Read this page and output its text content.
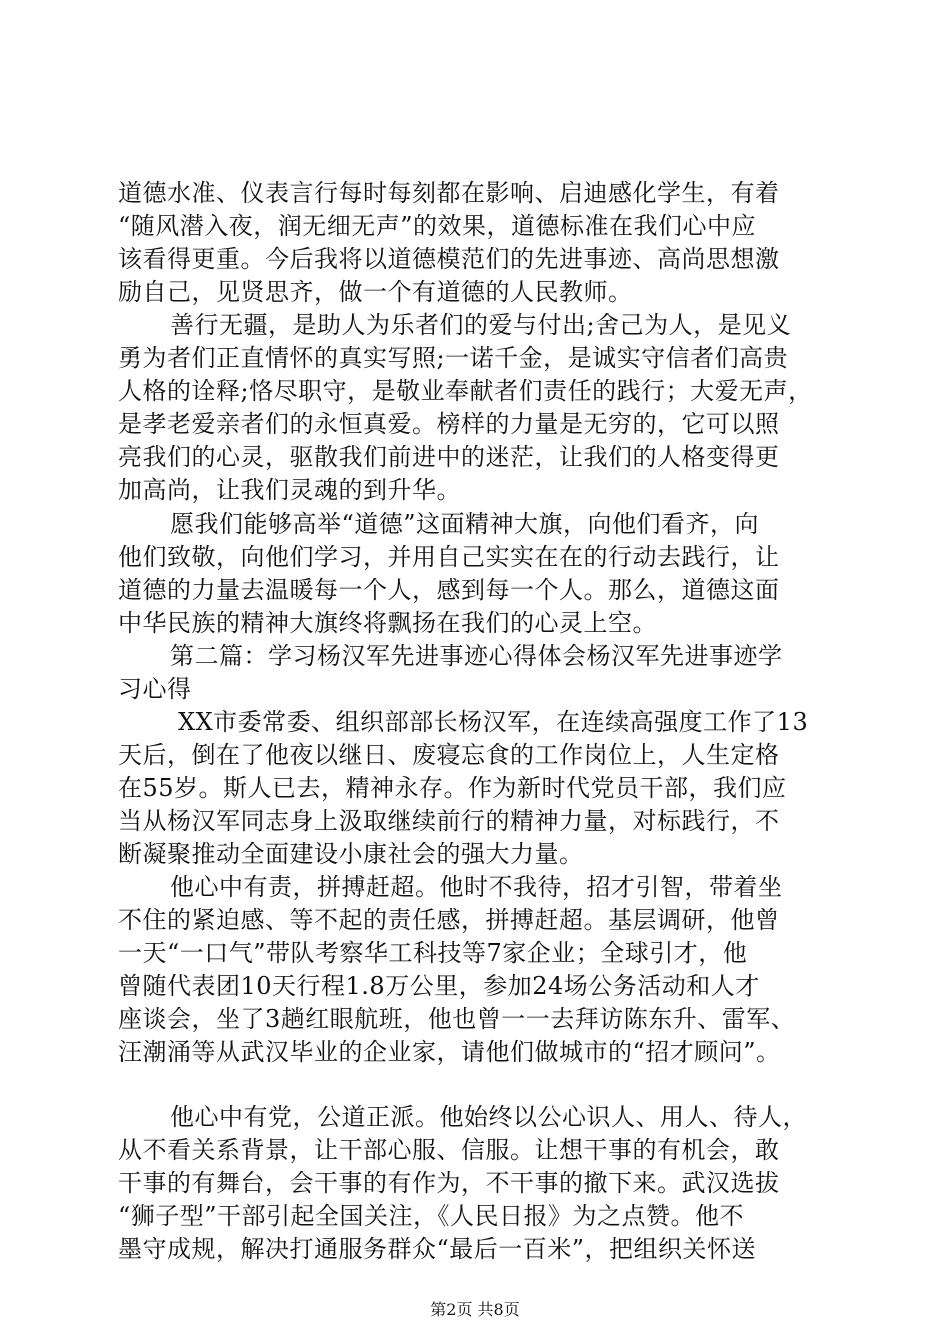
道德水准、仪表言行每时每刻都在影响、启迪感化学生，有着
“随风潜入夜，润无细无声”的效果，道德标准在我们心中应
该看得更重。今后我将以道德模范们的先进事迹、高尚思想激
励自己，见贤思齐，做一个有道德的人民教师。
善行无疆，是助人为乐者们的爱与付出;舍己为人，是见义
勇为者们正直情怀的真实写照;一诺千金，是诚实守信者们高贵
人格的诠释;恪尽职守，是敬业奉献者们责任的践行；大爱无声，
是孝老爱亲者们的永恒真爱。榜样的力量是无穷的，它可以照
亮我们的心灵，驱散我们前进中的迷茫，让我们的人格变得更
加高尚，让我们灵魂的到升华。
愿我们能够高举“道德”这面精神大旗，向他们看齐，向
他们致敬，向他们学习，并用自己实实在在的行动去践行，让
道德的力量去温暖每一个人，感到每一个人。那么，道德这面
中华民族的精神大旗终将飘扬在我们的心灵上空。
第二篇：学习杨汉军先进事迹心得体会杨汉军先进事迹学
习心得
XX市委常委、组织部部长杨汉军，在连续高强度工作了13
天后，倒在了他夜以继日、废寝忘食的工作岗位上，人生定格
在55岁。斯人已去，精神永存。作为新时代党员干部，我们应
当从杨汉军同志身上汲取继续前行的精神力量，对标践行，不
断凝聚推动全面建设小康社会的强大力量。
他心中有责，拼搏赶超。他时不我待，招才引智，带着坐
不住的紧迫感、等不起的责任感，拼搏赶超。基层调研，他曾
一天“一口气”带队考察华工科技等7家企业；全球引才，他
曾随代表团10天行程1.8万公里，参加24场公务活动和人才
座谈会，坐了3趟红眼航班，他也曾一一去拜访陈东升、雷军、
汪潮涌等从武汉毕业的企业家，请他们做城市的“招才顾问”。
他心中有党，公道正派。他始终以公心识人、用人、待人，
从不看关系背景，让干部心服、信服。让想干事的有机会，敢
干事的有舞台，会干事的有作为，不干事的撤下来。武汉选拔
“狮子型”干部引起全国关注，《人民日报》为之点赞。他不
墨守成规，解决打通服务群众“最后一百米”，把组织关怀送
第2页 共8页
